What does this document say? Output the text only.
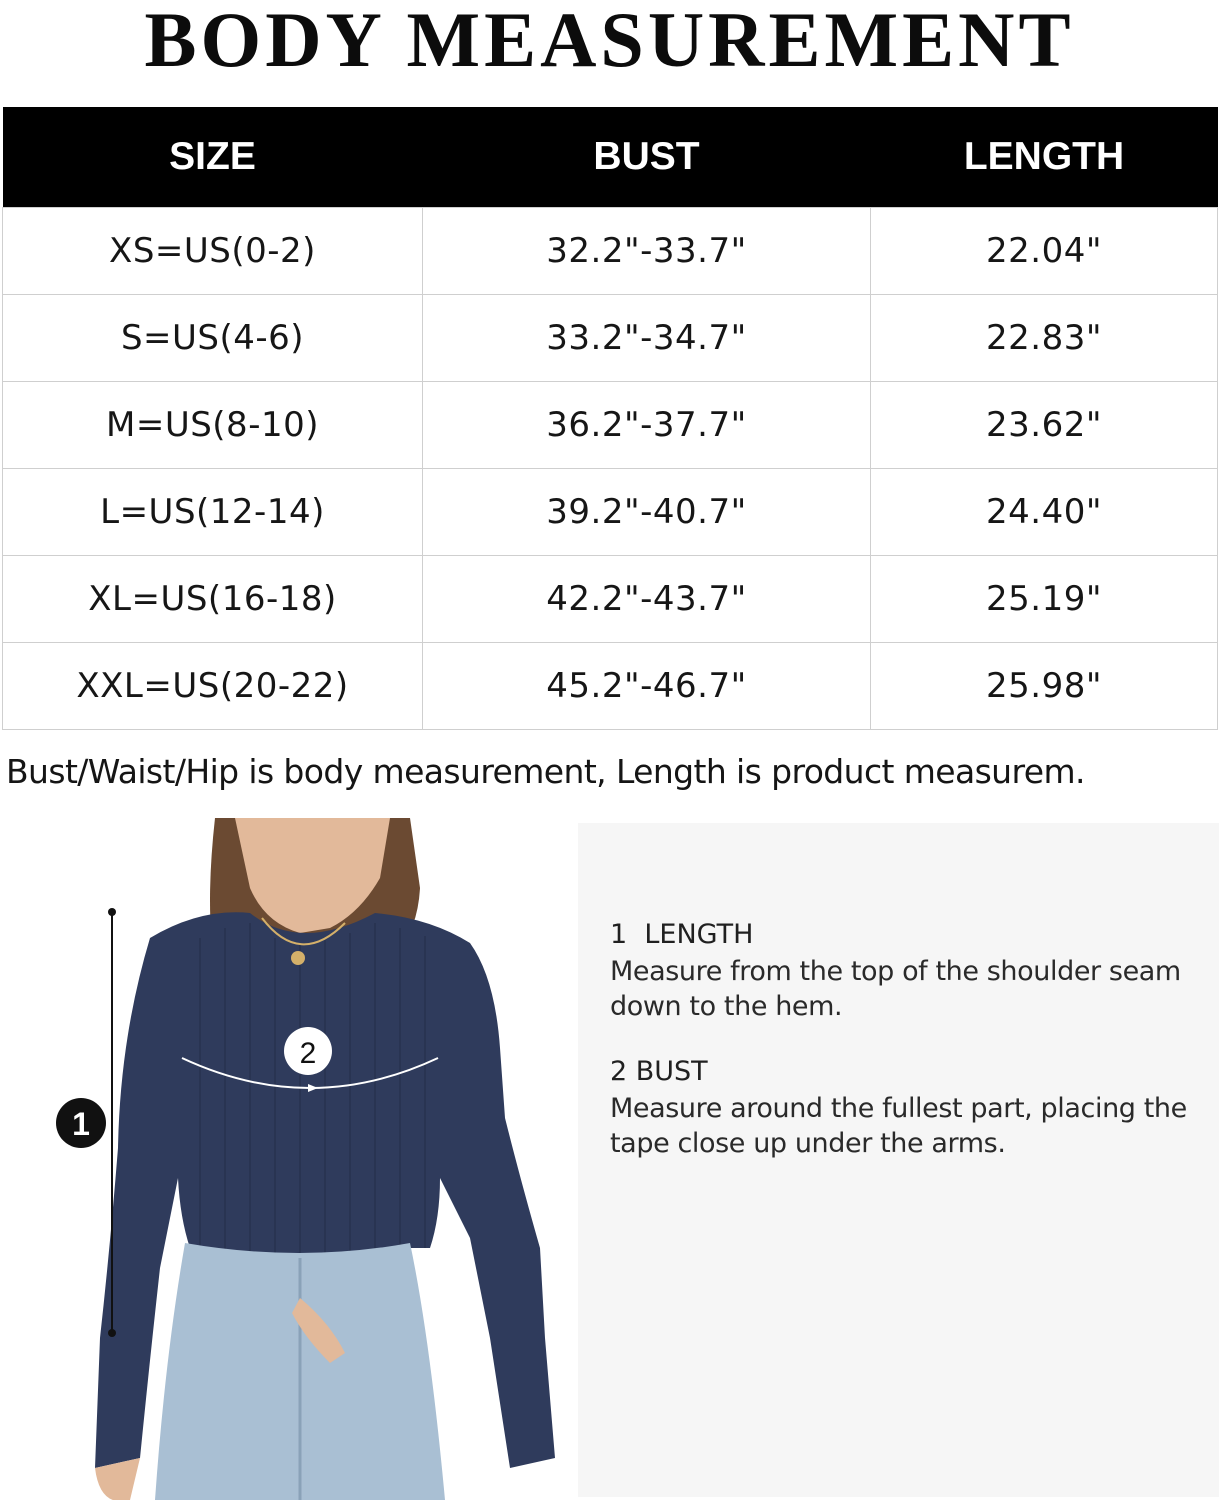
BODY MEASUREMENT
SIZE	BUST	LENGTH
XS=US(0-2)	32.2"-33.7"	22.04"
S=US(4-6)	33.2"-34.7"	22.83"
M=US(8-10)	36.2"-37.7"	23.62"
L=US(12-14)	39.2"-40.7"	24.40"
XL=US(16-18)	42.2"-43.7"	25.19"
XXL=US(20-22)	45.2"-46.7"	25.98"

Bust/Waist/Hip is body measurement, Length is product measurem.

1
2

1  LENGTH

Measure from the top of the shoulder seam down to the hem.

2 BUST

Measure around the fullest part, placing the tape close up under the arms.
